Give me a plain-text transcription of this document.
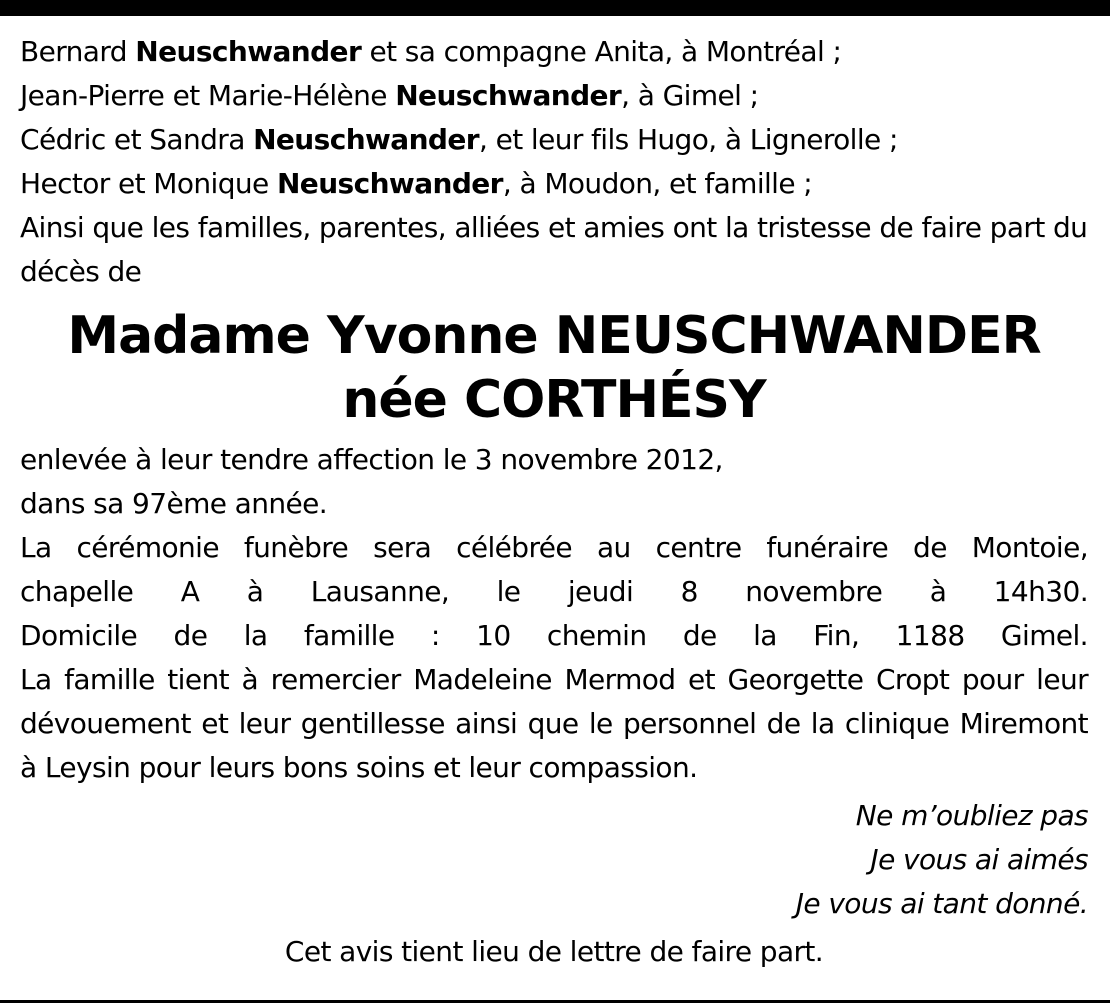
Bernard Neuschwander et sa compagne Anita, à Montréal ;
Jean-Pierre et Marie-Hélène Neuschwander, à Gimel ;
Cédric et Sandra Neuschwander, et leur fils Hugo, à Lignerolle ;
Hector et Monique Neuschwander, à Moudon, et famille ;
Ainsi que les familles, parentes, alliées et amies ont la tristesse de faire part du décès de
Madame Yvonne NEUSCHWANDER
née CORTHÉSY
enlevée à leur tendre affection le 3 novembre 2012,
dans sa 97ème année.
La cérémonie funèbre sera célébrée au centre funéraire de Montoie,
chapelle A à Lausanne, le jeudi 8 novembre à 14h30.
Domicile de la famille : 10 chemin de la Fin, 1188 Gimel.
La famille tient à remercier Madeleine Mermod et Georgette Cropt pour leur dévouement et leur gentillesse ainsi que le personnel de la clinique Miremont à Leysin pour leurs bons soins et leur compassion.
Ne m’oubliez pas
Je vous ai aimés
Je vous ai tant donné.
Cet avis tient lieu de lettre de faire part.
